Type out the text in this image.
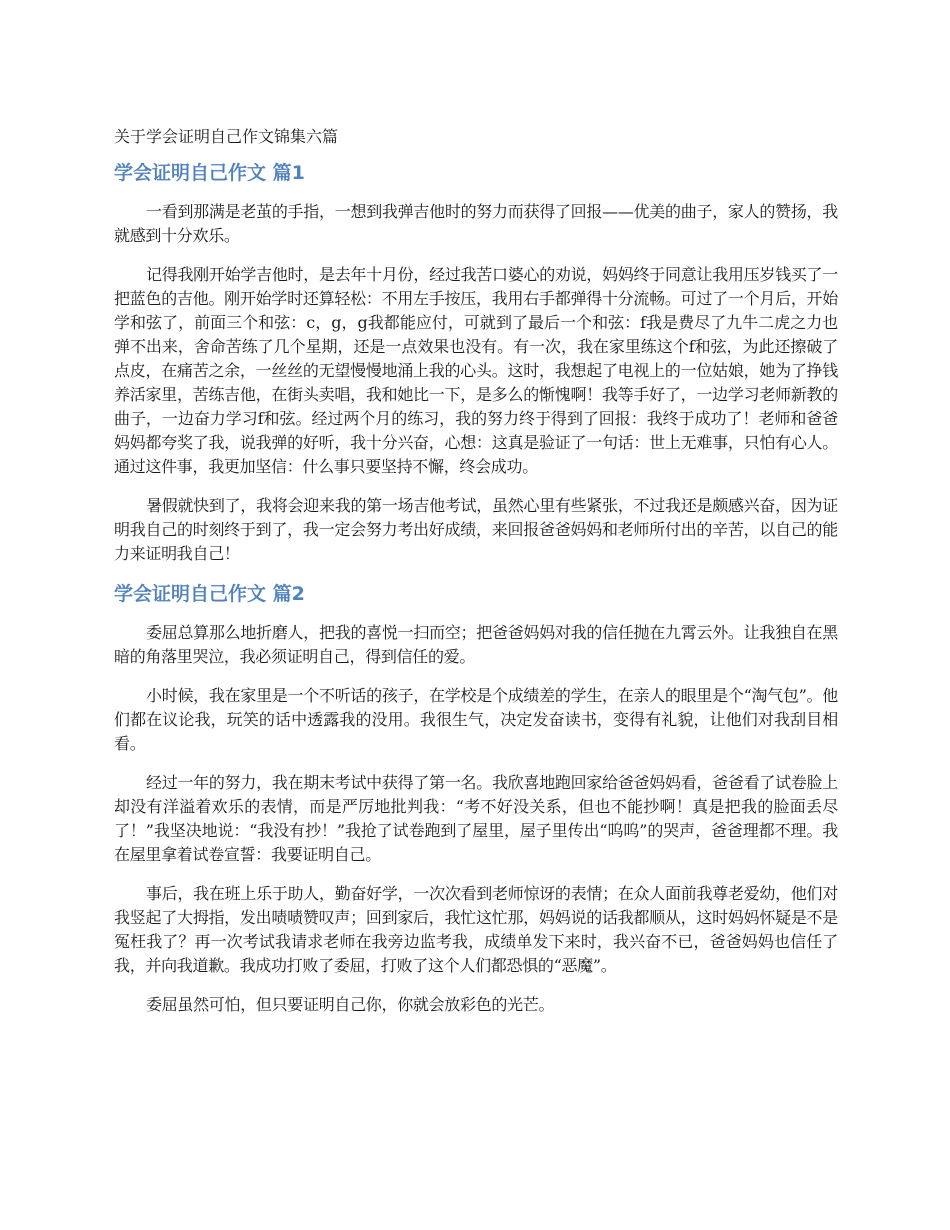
关于学会证明自己作文锦集六篇
学会证明自己作文 篇1

一看到那满是老茧的手指，一想到我弹吉他时的努力而获得了回报——优美的曲子，家人的赞扬，我就感到十分欢乐。

记得我刚开始学吉他时，是去年十月份，经过我苦口婆心的劝说，妈妈终于同意让我用压岁钱买了一把蓝色的吉他。刚开始学时还算轻松：不用左手按压，我用右手都弹得十分流畅。可过了一个月后，开始学和弦了，前面三个和弦：c，g，g我都能应付，可就到了最后一个和弦：f我是费尽了九牛二虎之力也弹不出来，舍命苦练了几个星期，还是一点效果也没有。有一次，我在家里练这个f和弦，为此还擦破了点皮，在痛苦之余，一丝丝的无望慢慢地涌上我的心头。这时，我想起了电视上的一位姑娘，她为了挣钱养活家里，苦练吉他，在街头卖唱，我和她比一下，是多么的惭愧啊！我等手好了，一边学习老师新教的曲子，一边奋力学习f和弦。经过两个月的练习，我的努力终于得到了回报：我终于成功了！老师和爸爸妈妈都夸奖了我，说我弹的好听，我十分兴奋，心想：这真是验证了一句话：世上无难事，只怕有心人。通过这件事，我更加坚信：什么事只要坚持不懈，终会成功。

暑假就快到了，我将会迎来我的第一场吉他考试，虽然心里有些紧张，不过我还是颇感兴奋，因为证明我自己的时刻终于到了，我一定会努力考出好成绩，来回报爸爸妈妈和老师所付出的辛苦，以自己的能力来证明我自己！

学会证明自己作文 篇2

委屈总算那么地折磨人，把我的喜悦一扫而空；把爸爸妈妈对我的信任抛在九霄云外。让我独自在黑暗的角落里哭泣，我必须证明自己，得到信任的爱。

小时候，我在家里是一个不听话的孩子，在学校是个成绩差的学生，在亲人的眼里是个“淘气包”。他们都在议论我，玩笑的话中透露我的没用。我很生气，决定发奋读书，变得有礼貌，让他们对我刮目相看。

经过一年的努力，我在期末考试中获得了第一名。我欣喜地跑回家给爸爸妈妈看，爸爸看了试卷脸上却没有洋溢着欢乐的表情，而是严厉地批判我：“考不好没关系，但也不能抄啊！真是把我的脸面丢尽了！”我坚决地说：“我没有抄！”我抢了试卷跑到了屋里，屋子里传出“呜呜”的哭声，爸爸理都不理。我在屋里拿着试卷宣誓：我要证明自己。

事后，我在班上乐于助人，勤奋好学，一次次看到老师惊讶的表情；在众人面前我尊老爱幼，他们对我竖起了大拇指，发出啧啧赞叹声；回到家后，我忙这忙那，妈妈说的话我都顺从，这时妈妈怀疑是不是冤枉我了？再一次考试我请求老师在我旁边监考我，成绩单发下来时，我兴奋不已，爸爸妈妈也信任了我，并向我道歉。我成功打败了委屈，打败了这个人们都恐惧的“恶魔”。

委屈虽然可怕，但只要证明自己你，你就会放彩色的光芒。
